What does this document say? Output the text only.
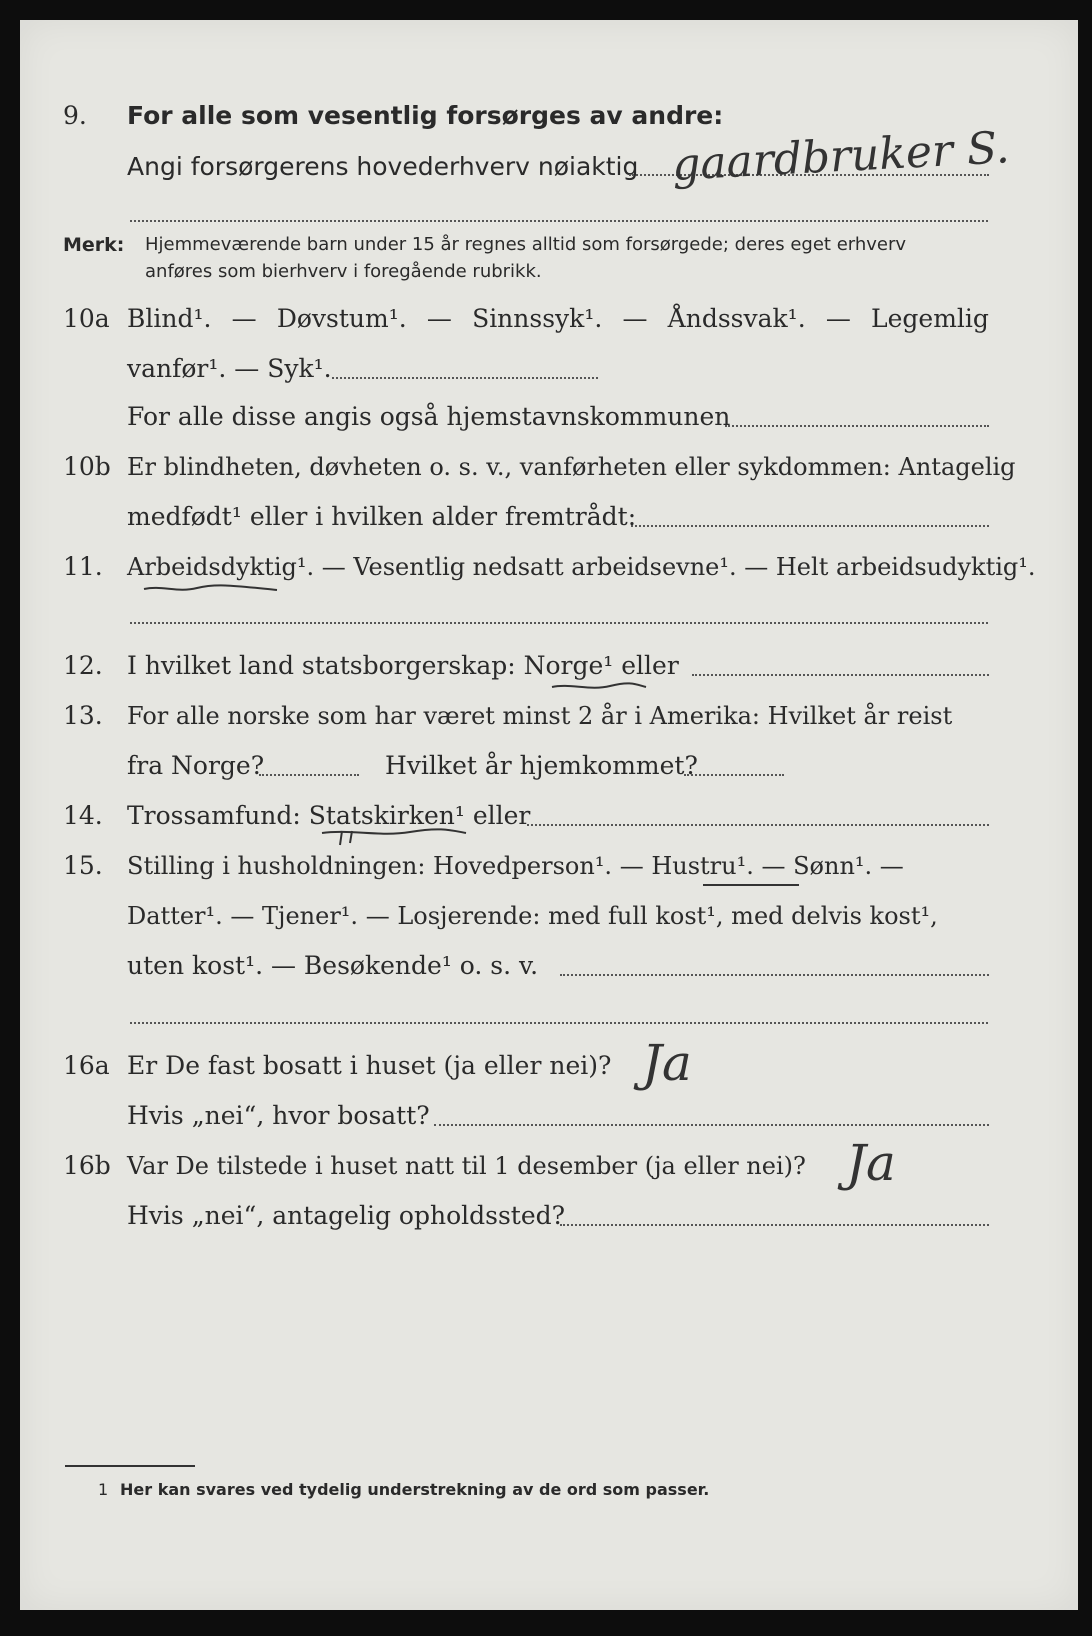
9. For alle som vesentlig forsørges av andre:
Angi forsørgerens hovederhverv nøiaktig gaardbruker S.
Merk: Hjemmeværende barn under 15 år regnes alltid som forsørgede; deres eget erhverv
anføres som bierhverv i foregående rubrikk.
10a Blind¹. — Døvstum¹. — Sinnssyk¹. — Åndssvak¹. — Legemlig
vanfør¹. — Syk¹.
For alle disse angis også hjemstavnskommunen
10b Er blindheten, døvheten o. s. v., vanførheten eller sykdommen: Antagelig
medfødt¹ eller i hvilken alder fremtrådt:
11. Arbeidsdyktig¹. — Vesentlig nedsatt arbeidsevne¹. — Helt arbeidsudyktig¹.
12. I hvilket land statsborgerskap: Norge¹ eller
13. For alle norske som har været minst 2 år i Amerika: Hvilket år reist
fra Norge?	Hvilket år hjemkommet?
14. Trossamfund: Statskirken¹ eller
15. Stilling i husholdningen: Hovedperson¹. — Hustru¹. — Sønn¹. —
Datter¹. — Tjener¹. — Losjerende: med full kost¹, med delvis kost¹,
uten kost¹. — Besøkende¹ o. s. v.
16a Er De fast bosatt i huset (ja eller nei)? Ja
Hvis „nei“, hvor bosatt?
16b Var De tilstede i huset natt til 1 desember (ja eller nei)? Ja
Hvis „nei“, antagelig opholdssted?
1 Her kan svares ved tydelig understrekning av de ord som passer.
